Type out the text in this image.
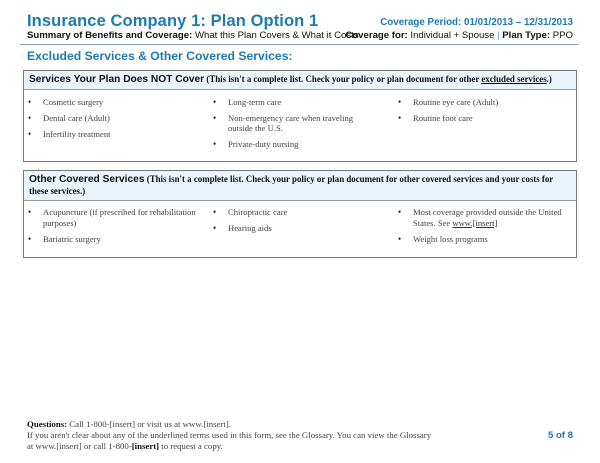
Insurance Company 1: Plan Option 1
Summary of Benefits and Coverage: What this Plan Covers & What it Costs
Coverage Period: 01/01/2013 – 12/31/2013
Coverage for: Individual + Spouse | Plan Type: PPO
Excluded Services & Other Covered Services:
Services Your Plan Does NOT Cover (This isn't a complete list. Check your policy or plan document for other excluded services.)
• Cosmetic surgery
• Dental care (Adult)
• Infertility treatment
• Long-term care
• Non-emergency care when traveling outside the U.S.
• Private-duty nursing
• Routine eye care (Adult)
• Routine foot care
Other Covered Services (This isn't a complete list. Check your policy or plan document for other covered services and your costs for these services.)
• Acupuncture (if prescribed for rehabilitation purposes)
• Bariatric surgery
• Chiropractic care
• Hearing aids
• Most coverage provided outside the United States. See www.[insert]
• Weight loss programs
Questions: Call 1-800-[insert] or visit us at www.[insert].
If you aren't clear about any of the underlined terms used in this form, see the Glossary. You can view the Glossary
at www.[insert] or call 1-800-[insert] to request a copy.
5 of 8
